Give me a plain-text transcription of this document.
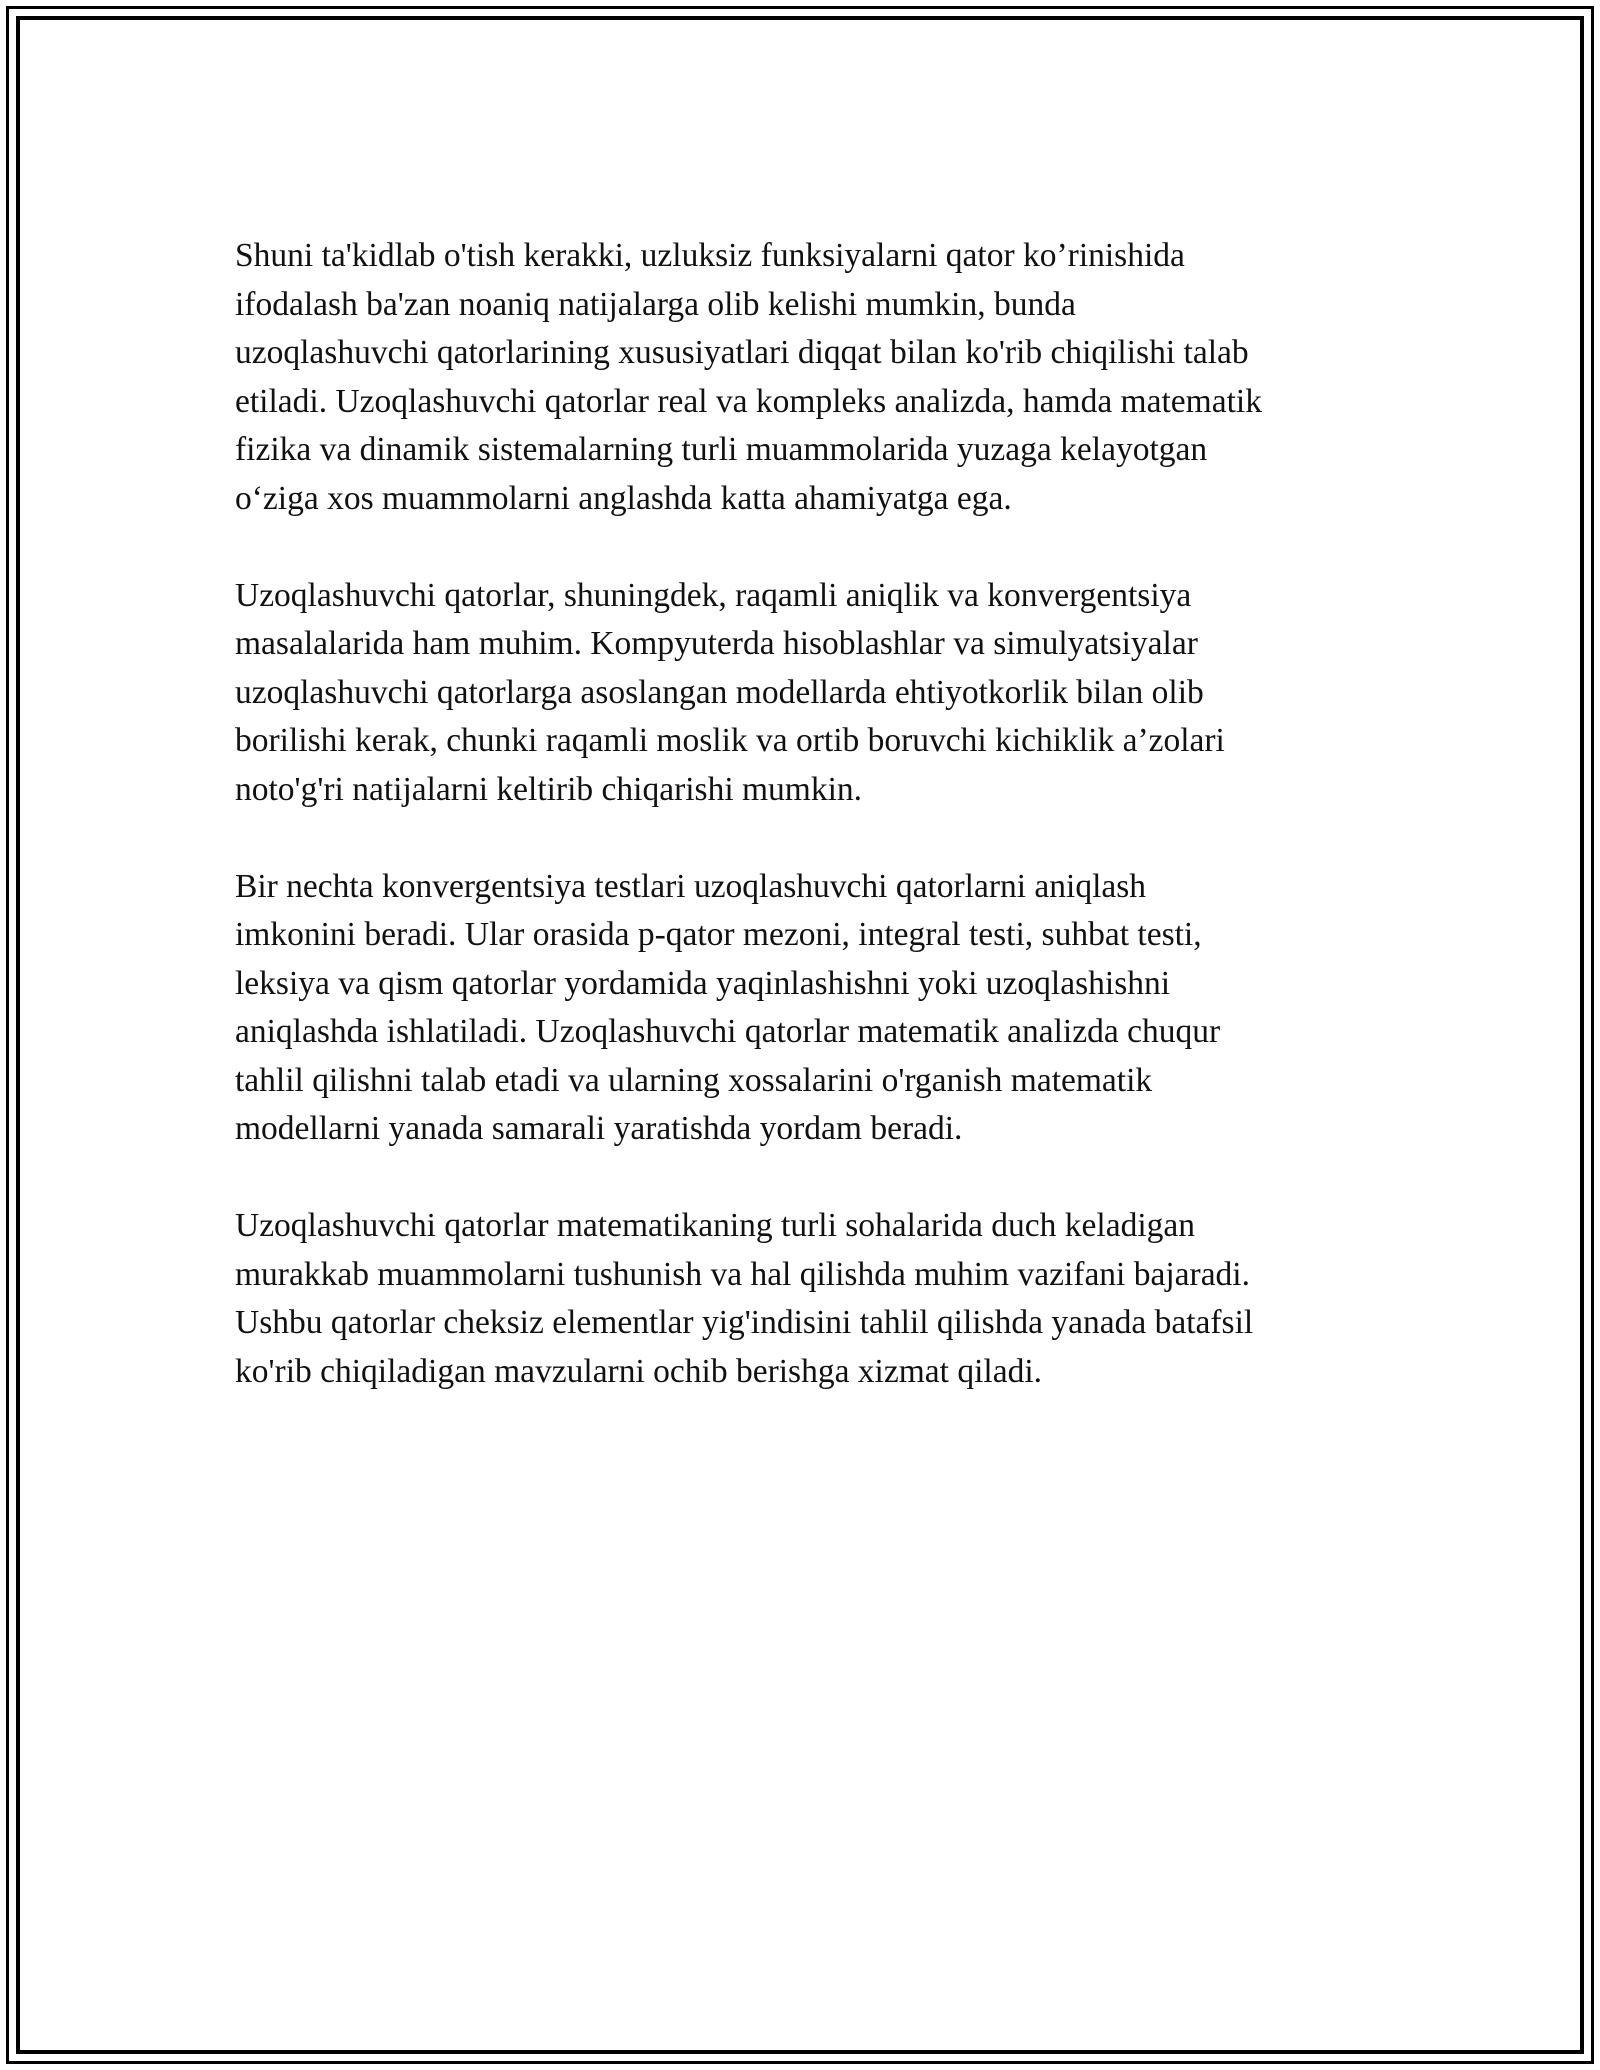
Shuni ta'kidlab o'tish kerakki, uzluksiz funksiyalarni qator ko’rinishida
ifodalash ba'zan noaniq natijalarga olib kelishi mumkin, bunda
uzoqlashuvchi qatorlarining xususiyatlari diqqat bilan ko'rib chiqilishi talab
etiladi. Uzoqlashuvchi qatorlar real va kompleks analizda, hamda matematik
fizika va dinamik sistemalarning turli muammolarida yuzaga kelayotgan
o‘ziga xos muammolarni anglashda katta ahamiyatga ega.

Uzoqlashuvchi qatorlar, shuningdek, raqamli aniqlik va konvergentsiya
masalalarida ham muhim. Kompyuterda hisoblashlar va simulyatsiyalar
uzoqlashuvchi qatorlarga asoslangan modellarda ehtiyotkorlik bilan olib
borilishi kerak, chunki raqamli moslik va ortib boruvchi kichiklik a’zolari
noto'g'ri natijalarni keltirib chiqarishi mumkin.

Bir nechta konvergentsiya testlari uzoqlashuvchi qatorlarni aniqlash
imkonini beradi. Ular orasida p-qator mezoni, integral testi, suhbat testi,
leksiya va qism qatorlar yordamida yaqinlashishni yoki uzoqlashishni
aniqlashda ishlatiladi. Uzoqlashuvchi qatorlar matematik analizda chuqur
tahlil qilishni talab etadi va ularning xossalarini o'rganish matematik
modellarni yanada samarali yaratishda yordam beradi.

Uzoqlashuvchi qatorlar matematikaning turli sohalarida duch keladigan
murakkab muammolarni tushunish va hal qilishda muhim vazifani bajaradi.
Ushbu qatorlar cheksiz elementlar yig'indisini tahlil qilishda yanada batafsil
ko'rib chiqiladigan mavzularni ochib berishga xizmat qiladi.
